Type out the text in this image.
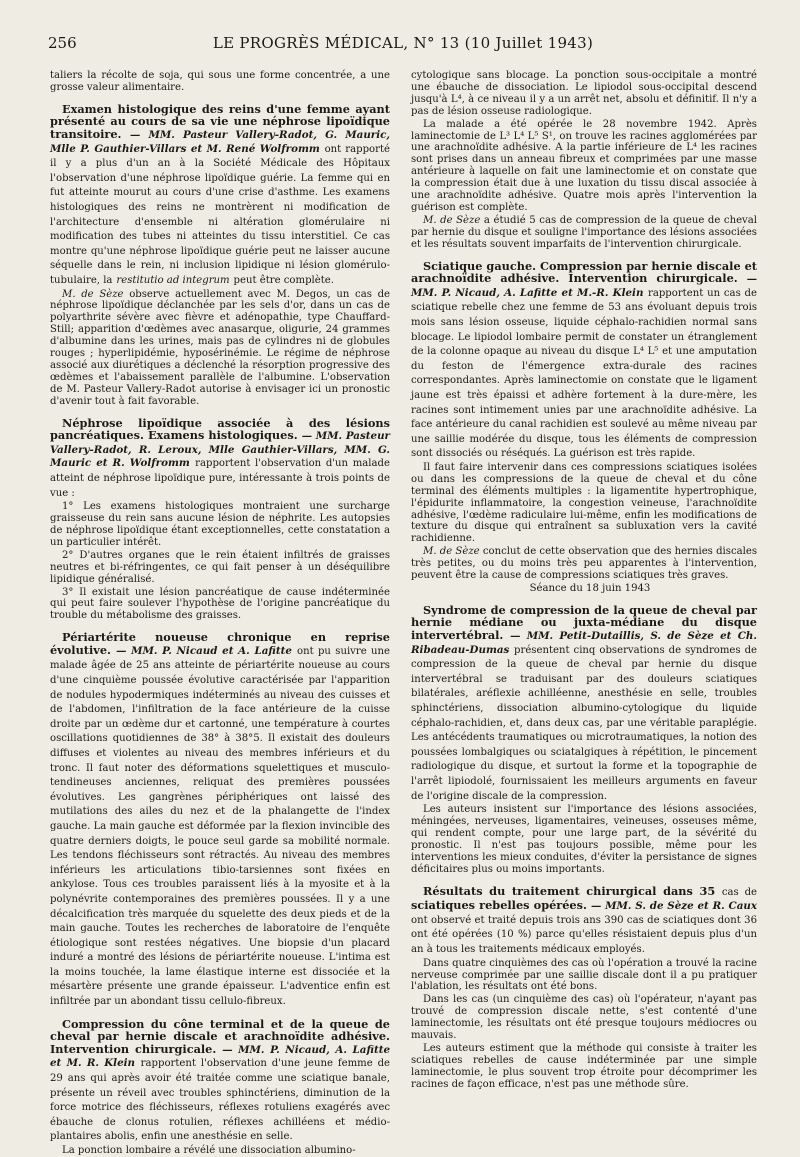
256	LE PROGRÈS MÉDICAL, N° 13 (10 Juillet 1943)

taliers la récolte de soja, qui sous une forme concentrée, a une grosse valeur alimentaire.

Examen histologique des reins d'une femme ayant présenté au cours de sa vie une néphrose lipoïdique transitoire. — MM. Pasteur Vallery-Radot, G. Mauric, Mlle P. Gauthier-Villars et M. René Wolfromm ont rapporté il y a plus d'un an à la Société Médicale des Hôpitaux l'observation d'une néphrose lipoïdique guérie. La femme qui en fut atteinte mourut au cours d'une crise d'asthme. Les examens histologiques des reins ne montrèrent ni modification de l'architecture d'ensemble ni altération glomérulaire ni modification des tubes ni atteintes du tissu interstitiel. Ce cas montre qu'une néphrose lipoïdique guérie peut ne laisser aucune séquelle dans le rein, ni inclusion lipidique ni lésion glomérulo-tubulaire, la restitutio ad integrum peut être complète.

M. de Sèze observe actuellement avec M. Degos, un cas de néphrose lipoïdique déclanchée par les sels d'or, dans un cas de polyarthrite sévère avec fièvre et adénopathie, type Chauffard-Still; apparition d'œdèmes avec anasarque, oligurie, 24 grammes d'albumine dans les urines, mais pas de cylindres ni de globules rouges ; hyperlipidémie, hyposérinémie. Le régime de néphrose associé aux diurétiques a déclenché la résorption progressive des œdèmes et l'abaissement parallèle de l'albumine. L'observation de M. Pasteur Vallery-Radot autorise à envisager ici un pronostic d'avenir tout à fait favorable.

Néphrose lipoïdique associée à des lésions pancréatiques. Examens histologiques. — MM. Pasteur Vallery-Radot, R. Leroux, Mlle Gauthier-Villars, MM. G. Mauric et R. Wolfromm rapportent l'observation d'un malade atteint de néphrose lipoïdique pure, intéressante à trois points de vue :

1° Les examens histologiques montraient une surcharge graisseuse du rein sans aucune lésion de néphrite. Les autopsies de néphrose lipoïdique étant exceptionnelles, cette constatation a un particulier intérêt.

2° D'autres organes que le rein étaient infiltrés de graisses neutres et bi-réfringentes, ce qui fait penser à un déséquilibre lipidique généralisé.

3° Il existait une lésion pancréatique de cause indéterminée qui peut faire soulever l'hypothèse de l'origine pancréatique du trouble du métabolisme des graisses.

Périartérite noueuse chronique en reprise évolutive. — MM. P. Nicaud et A. Lafitte ont pu suivre une malade âgée de 25 ans atteinte de périartérite noueuse au cours d'une cinquième poussée évolutive caractérisée par l'apparition de nodules hypodermiques indéterminés au niveau des cuisses et de l'abdomen, l'infiltration de la face antérieure de la cuisse droite par un œdème dur et cartonné, une température à courtes oscillations quotidiennes de 38° à 38°5. Il existait des douleurs diffuses et violentes au niveau des membres inférieurs et du tronc. Il faut noter des déformations squelettiques et musculo-tendineuses anciennes, reliquat des premières poussées évolutives. Les gangrènes périphériques ont laissé des mutilations des ailes du nez et de la phalangette de l'index gauche. La main gauche est déformée par la flexion invincible des quatre derniers doigts, le pouce seul garde sa mobilité normale. Les tendons fléchisseurs sont rétractés. Au niveau des membres inférieurs les articulations tibio-tarsiennes sont fixées en ankylose. Tous ces troubles paraissent liés à la myosite et à la polynévrite contemporaines des premières poussées. Il y a une décalcification très marquée du squelette des deux pieds et de la main gauche. Toutes les recherches de laboratoire de l'enquête étiologique sont restées négatives. Une biopsie d'un placard induré a montré des lésions de périartérite noueuse. L'intima est la moins touchée, la lame élastique interne est dissociée et la mésartère présente une grande épaisseur. L'adventice enfin est infiltrée par un abondant tissu cellulo-fibreux.
Compression du cône terminal et de la queue de cheval par hernie discale et arachnoïdite adhésive. Intervention chirurgicale. — MM. P. Nicaud, A. Lafitte et M. R. Klein rapportent l'observation d'une jeune femme de 29 ans qui après avoir été traitée comme une sciatique banale, présente un réveil avec troubles sphinctériens, diminution de la force motrice des fléchisseurs, réflexes rotuliens exagérés avec ébauche de clonus rotulien, réflexes achilléens et médio-plantaires abolis, enfin une anesthésie en selle.

La ponction lombaire a révélé une dissociation albumino-

cytologique sans blocage. La ponction sous-occipitale a montré une ébauche de dissociation. Le lipiodol sous-occipital descend jusqu'à L⁴, à ce niveau il y a un arrêt net, absolu et définitif. Il n'y a pas de lésion osseuse radiologique.

La malade a été opérée le 28 novembre 1942. Après laminectomie de L³ L⁴ L⁵ S¹, on trouve les racines agglomérées par une arachnoïdite adhésive. A la partie inférieure de L⁴ les racines sont prises dans un anneau fibreux et comprimées par une masse antérieure à laquelle on fait une laminectomie et on constate que la compression était due à une luxation du tissu discal associée à une arachnoïdite adhésive. Quatre mois après l'intervention la guérison est complète.

M. de Sèze a étudié 5 cas de compression de la queue de cheval par hernie du disque et souligne l'importance des lésions associées et les résultats souvent imparfaits de l'intervention chirurgicale.

Sciatique gauche. Compression par hernie discale et arachnoïdite adhésive. Intervention chirurgicale. — MM. P. Nicaud, A. Lafitte et M.-R. Klein rapportent un cas de sciatique rebelle chez une femme de 53 ans évoluant depuis trois mois sans lésion osseuse, liquide céphalo-rachidien normal sans blocage. Le lipiodol lombaire permit de constater un étranglement de la colonne opaque au niveau du disque L⁴ L⁵ et une amputation du feston de l'émergence extra-durale des racines correspondantes. Après laminectomie on constate que le ligament jaune est très épaissi et adhère fortement à la dure-mère, les racines sont intimement unies par une arachnoïdite adhésive. La face antérieure du canal rachidien est soulevé au même niveau par une saillie modérée du disque, tous les éléments de compression sont dissociés ou réséqués. La guérison est très rapide.

Il faut faire intervenir dans ces compressions sciatiques isolées ou dans les compressions de la queue de cheval et du cône terminal des éléments multiples : la ligamentite hypertrophique, l'épidurite inflammatoire, la congestion veineuse, l'arachnoïdite adhésive, l'œdème radiculaire lui-même, enfin les modifications de texture du disque qui entraînent sa subluxation vers la cavité rachidienne.

M. de Sèze conclut de cette observation que des hernies discales très petites, ou du moins très peu apparentes à l'intervention, peuvent être la cause de compressions sciatiques très graves.

Séance du 18 juin 1943

Syndrome de compression de la queue de cheval par hernie médiane ou juxta-médiane du disque intervertébral. — MM. Petit-Dutaillis, S. de Sèze et Ch. Ribadeau-Dumas présentent cinq observations de syndromes de compression de la queue de cheval par hernie du disque intervertébral se traduisant par des douleurs sciatiques bilatérales, aréflexie achilléenne, anesthésie en selle, troubles sphinctériens, dissociation albumino-cytologique du liquide céphalo-rachidien, et, dans deux cas, par une véritable paraplégie. Les antécédents traumatiques ou microtraumatiques, la notion des poussées lombalgiques ou sciatalgiques à répétition, le pincement radiologique du disque, et surtout la forme et la topographie de l'arrêt lipiodolé, fournissaient les meilleurs arguments en faveur de l'origine discale de la compression.

Les auteurs insistent sur l'importance des lésions associées, méningées, nerveuses, ligamentaires, veineuses, osseuses même, qui rendent compte, pour une large part, de la sévérité du pronostic. Il n'est pas toujours possible, même pour les interventions les mieux conduites, d'éviter la persistance de signes déficitaires plus ou moins importants.

Résultats du traitement chirurgical dans 35 cas de sciatiques rebelles opérées. — MM. S. de Sèze et R. Caux ont observé et traité depuis trois ans 390 cas de sciatiques dont 36 ont été opérées (10 %) parce qu'elles résistaient depuis plus d'un an à tous les traitements médicaux employés.

Dans quatre cinquièmes des cas où l'opération a trouvé la racine nerveuse comprimée par une saillie discale dont il a pu pratiquer l'ablation, les résultats ont été bons.

Dans les cas (un cinquième des cas) où l'opérateur, n'ayant pas trouvé de compression discale nette, s'est contenté d'une laminectomie, les résultats ont été presque toujours médiocres ou mauvais.

Les auteurs estiment que la méthode qui consiste à traiter les sciatiques rebelles de cause indéterminée par une simple laminectomie, le plus souvent trop étroite pour décomprimer les racines de façon efficace, n'est pas une méthode sûre.
